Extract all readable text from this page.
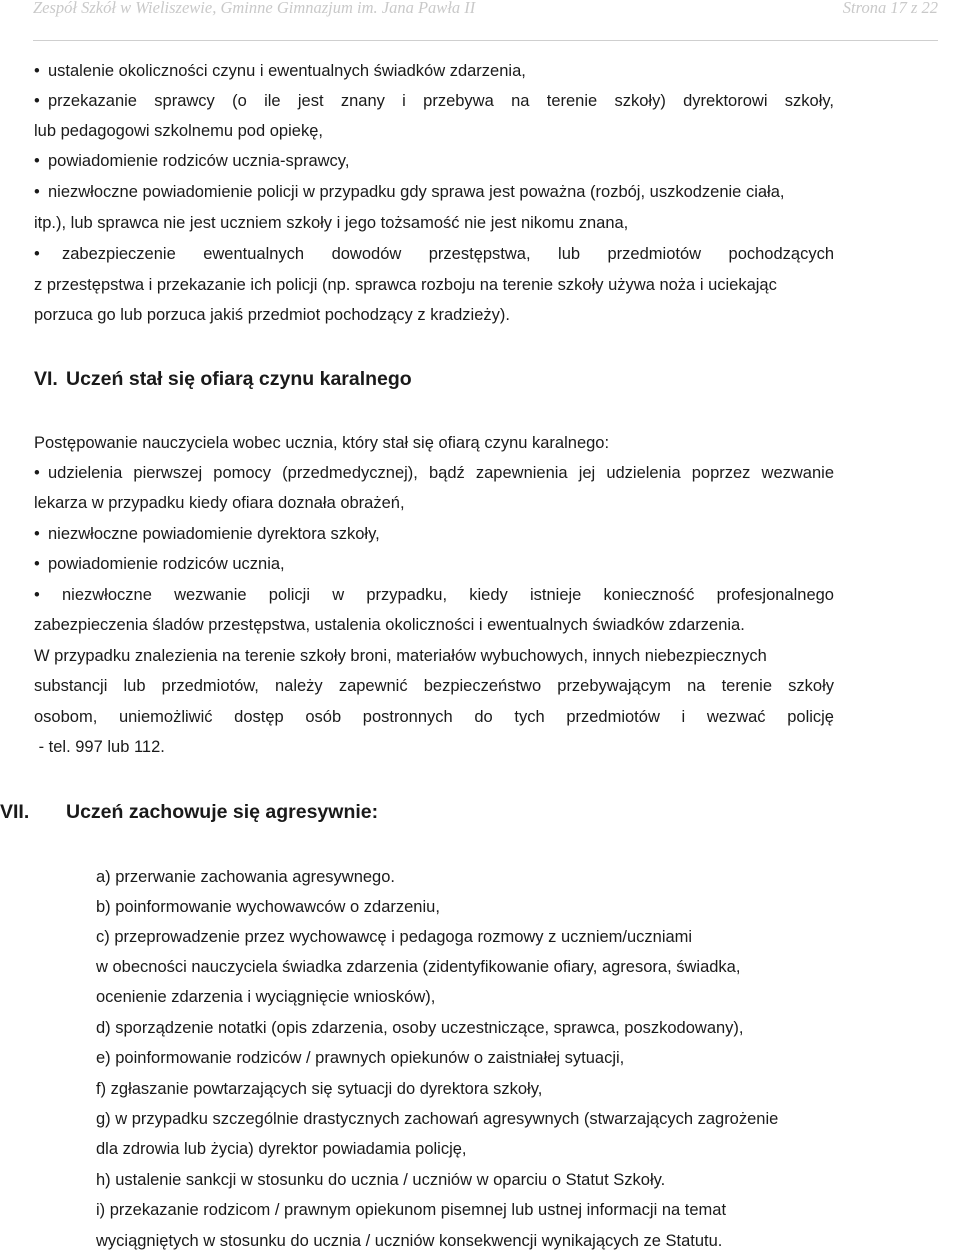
Zespół Szkół w Wieliszewie, Gminne Gimnazjum im. Jana Pawła II	Strona 17 z 22
• ustalenie okoliczności czynu i ewentualnych świadków zdarzenia,
• przekazanie sprawcy (o ile jest znany i przebywa na terenie szkoły) dyrektorowi szkoły,
lub pedagogowi szkolnemu pod opiekę,
• powiadomienie rodziców ucznia-sprawcy,
• niezwłoczne powiadomienie policji w przypadku gdy sprawa jest poważna (rozbój, uszkodzenie ciała,
itp.), lub sprawca nie jest uczniem szkoły i jego tożsamość nie jest nikomu znana,
•	zabezpieczenie ewentualnych dowodów przestępstwa, lub przedmiotów pochodzących
z przestępstwa i przekazanie ich policji (np. sprawca rozboju na terenie szkoły używa noża i uciekając
porzuca go lub porzuca jakiś przedmiot pochodzący z kradzieży).
VI. Uczeń stał się ofiarą czynu karalnego
Postępowanie nauczyciela wobec ucznia, który stał się ofiarą czynu karalnego:
• udzielenia pierwszej pomocy (przedmedycznej), bądź zapewnienia jej udzielenia poprzez wezwanie
lekarza w przypadku kiedy ofiara doznała obrażeń,
• niezwłoczne powiadomienie dyrektora szkoły,
• powiadomienie rodziców ucznia,
•	niezwłoczne wezwanie policji w przypadku, kiedy istnieje konieczność profesjonalnego
zabezpieczenia śladów przestępstwa, ustalenia okoliczności i ewentualnych świadków zdarzenia.
W przypadku znalezienia na terenie szkoły broni, materiałów wybuchowych, innych niebezpiecznych
substancji lub przedmiotów, należy zapewnić bezpieczeństwo przebywającym na terenie szkoły
osobom, uniemożliwić dostęp osób postronnych do tych przedmiotów i wezwać policję
- tel. 997 lub 112.
VII. Uczeń zachowuje się agresywnie:
a) przerwanie zachowania agresywnego.
b) poinformowanie wychowawców o zdarzeniu,
c) przeprowadzenie przez wychowawcę i pedagoga rozmowy z uczniem/uczniami
w obecności nauczyciela świadka zdarzenia (zidentyfikowanie ofiary, agresora, świadka,
ocenienie zdarzenia i wyciągnięcie wniosków),
d) sporządzenie notatki (opis zdarzenia, osoby uczestniczące, sprawca, poszkodowany),
e) poinformowanie rodziców / prawnych opiekunów o zaistniałej sytuacji,
f) zgłaszanie powtarzających się sytuacji do dyrektora szkoły,
g) w przypadku szczególnie drastycznych zachowań agresywnych (stwarzających zagrożenie
dla zdrowia lub życia) dyrektor powiadamia policję,
h) ustalenie sankcji w stosunku do ucznia / uczniów w oparciu o Statut Szkoły.
i) przekazanie rodzicom / prawnym opiekunom pisemnej lub ustnej informacji na temat
wyciągniętych w stosunku do ucznia / uczniów konsekwencji wynikających ze Statutu.
